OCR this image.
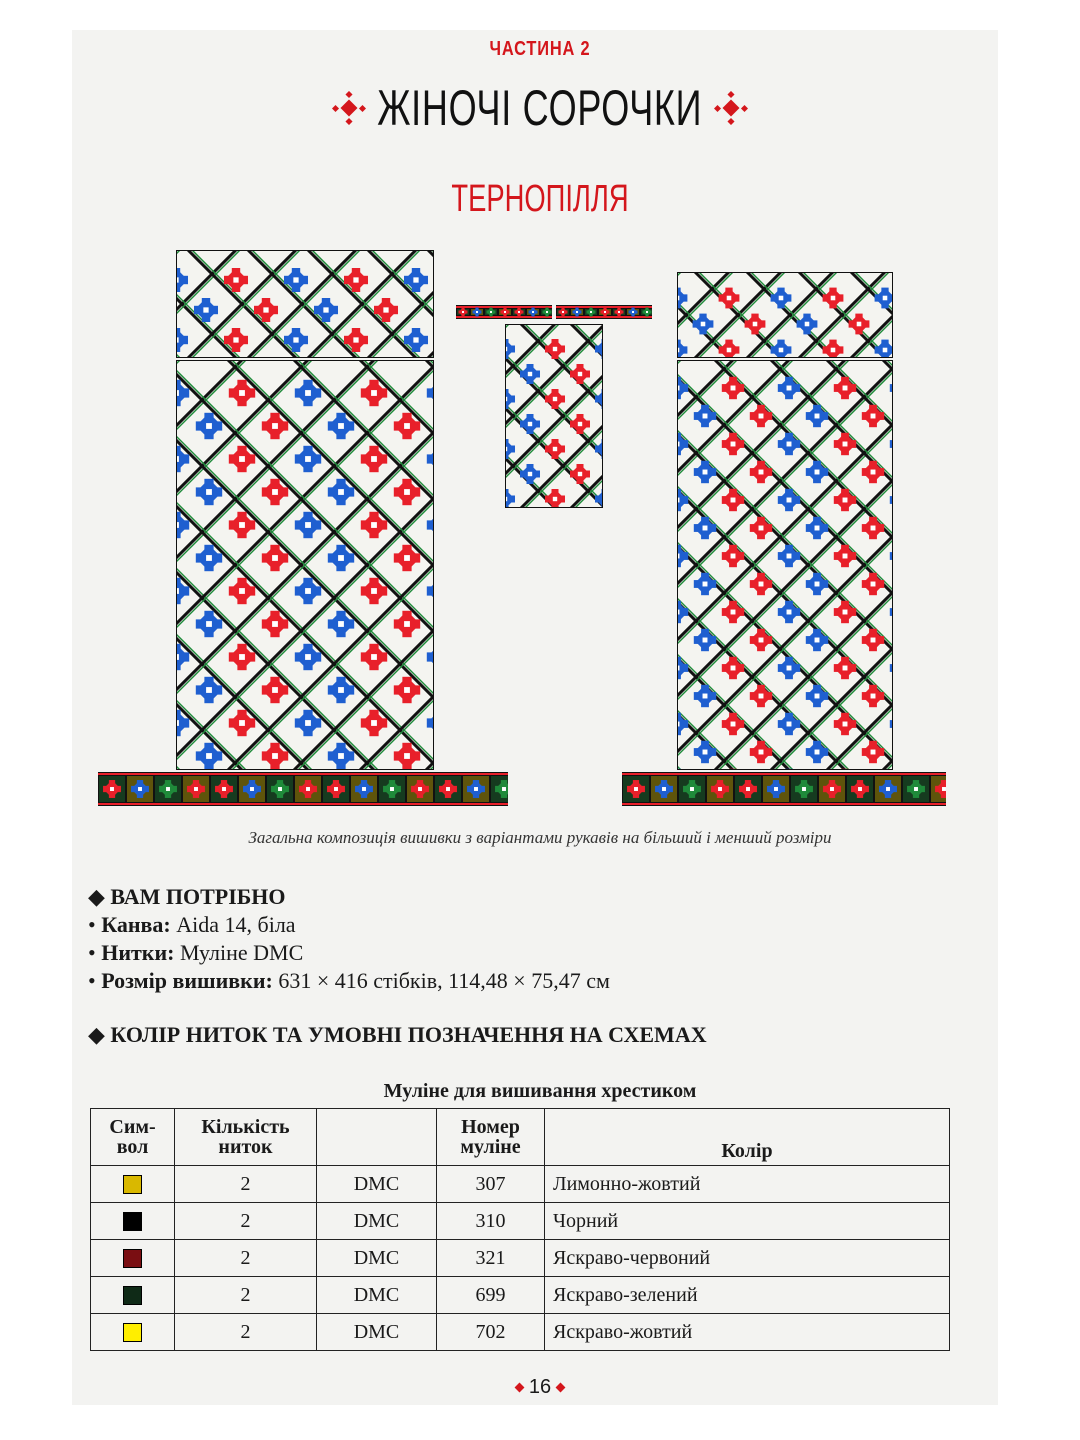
ЧАСТИНА 2
ЖІНОЧІ СОРОЧКИ
ТЕРНОПІЛЛЯ
Загальна композиція вишивки з варіантами рукавів на більший і менший розміри
◆ ВАМ ПОТРІБНО
• Канва: Aida 14, біла
• Нитки: Муліне DMC
• Розмір вишивки: 631 × 416 стібків, 114,48 × 75,47 см
◆ КОЛІР НИТОК ТА УМОВНІ ПОЗНАЧЕННЯ НА СХЕМАХ
Муліне для вишивання хрестиком
Сим- вол	Кількість ниток		Номер муліне	Колір
	2	DMC	307	Лимонно-жовтий
	2	DMC	310	Чорний
	2	DMC	321	Яскраво-червоний
	2	DMC	699	Яскраво-зелений
	2	DMC	702	Яскраво-жовтий
16
